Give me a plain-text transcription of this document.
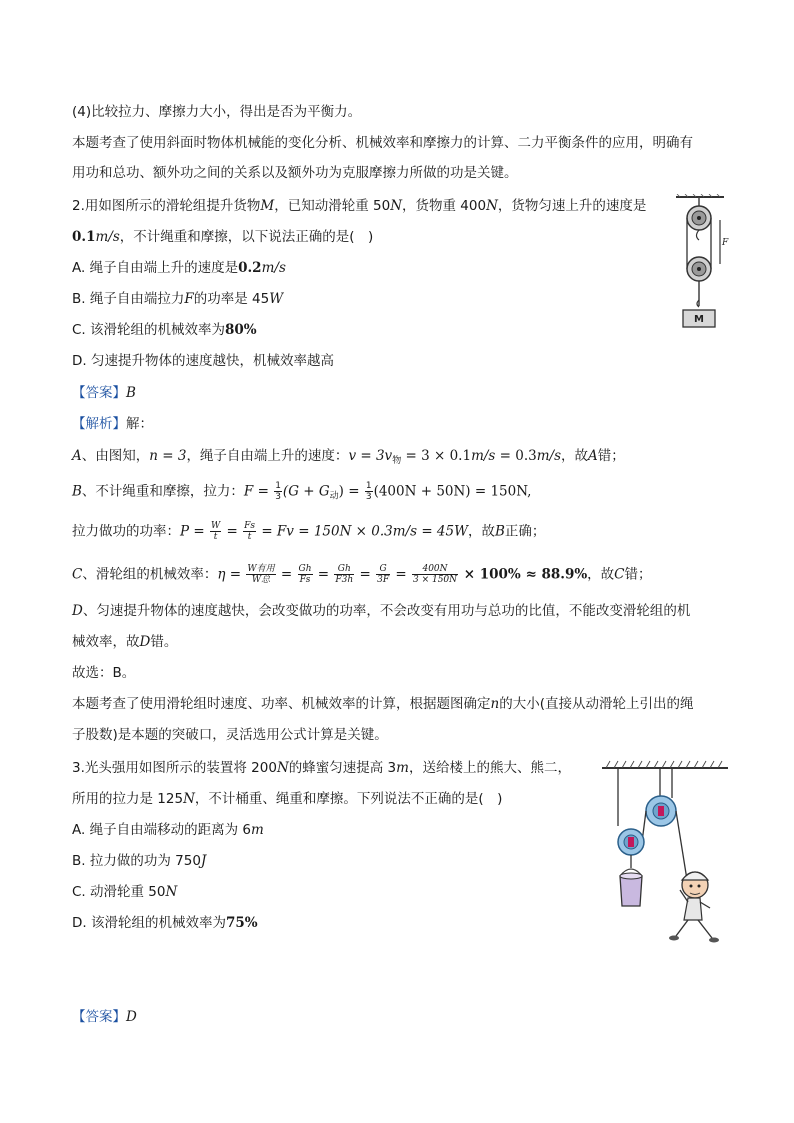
(4)比较拉力、摩擦力大小，得出是否为平衡力。
本题考查了使用斜面时物体机械能的变化分析、机械效率和摩擦力的计算、二力平衡条件的应用，明确有
用功和总功、额外功之间的关系以及额外功为克服摩擦力所做的功是关键。
2.用如图所示的滑轮组提升货物M，已知动滑轮重 50N，货物重 400N，货物匀速上升的速度是
0.1m/s，不计绳重和摩擦，以下说法正确的是(　)
A. 绳子自由端上升的速度是0.2m/s
B. 绳子自由端拉力F的功率是 45W
C. 该滑轮组的机械效率为80%
D. 匀速提升物体的速度越快，机械效率越高
【答案】B
【解析】解：
A、由图知，n = 3，绳子自由端上升的速度：$v = 3v_物 = 3 \times 0.1m/s = 0.3m/s$，故A错；
B、不计绳重和摩擦，拉力：$F = \frac{1}{3} (G + G_动) = \frac{1}{3} (400N + 50N) = 150N$,
拉力做功的功率：$P = \frac{W}{t} = \frac{Fs}{t} = Fv = 150N \times 0.3m/s = 45W$，故B正确；
C、滑轮组的机械效率：$\eta = \frac{\text{W有用}}{\text{W总}} = \frac{Gh}{Fs} = \frac{Gh}{F3h} = \frac{G}{3F} = \frac{400N}{3 \times 150N} \times 100\% \approx 88.9\%$，故C错；
D、匀速提升物体的速度越快，会改变做功的功率，不会改变有用功与总功的比值，不能改变滑轮组的机
械效率，故D错。
故选：B。
本题考查了使用滑轮组时速度、功率、机械效率的计算，根据题图确定n的大小(直接从动滑轮上引出的绳
子股数)是本题的突破口，灵活选用公式计算是关键。
F
M
3.光头强用如图所示的装置将 200N的蜂蜜匀速提高 3m，送给楼上的熊大、熊二，
所用的拉力是 125N，不计桶重、绳重和摩擦。下列说法不正确的是(　)
A. 绳子自由端移动的距离为 6m
B. 拉力做的功为 750J
C. 动滑轮重 50N
D. 该滑轮组的机械效率为75%
【答案】D
